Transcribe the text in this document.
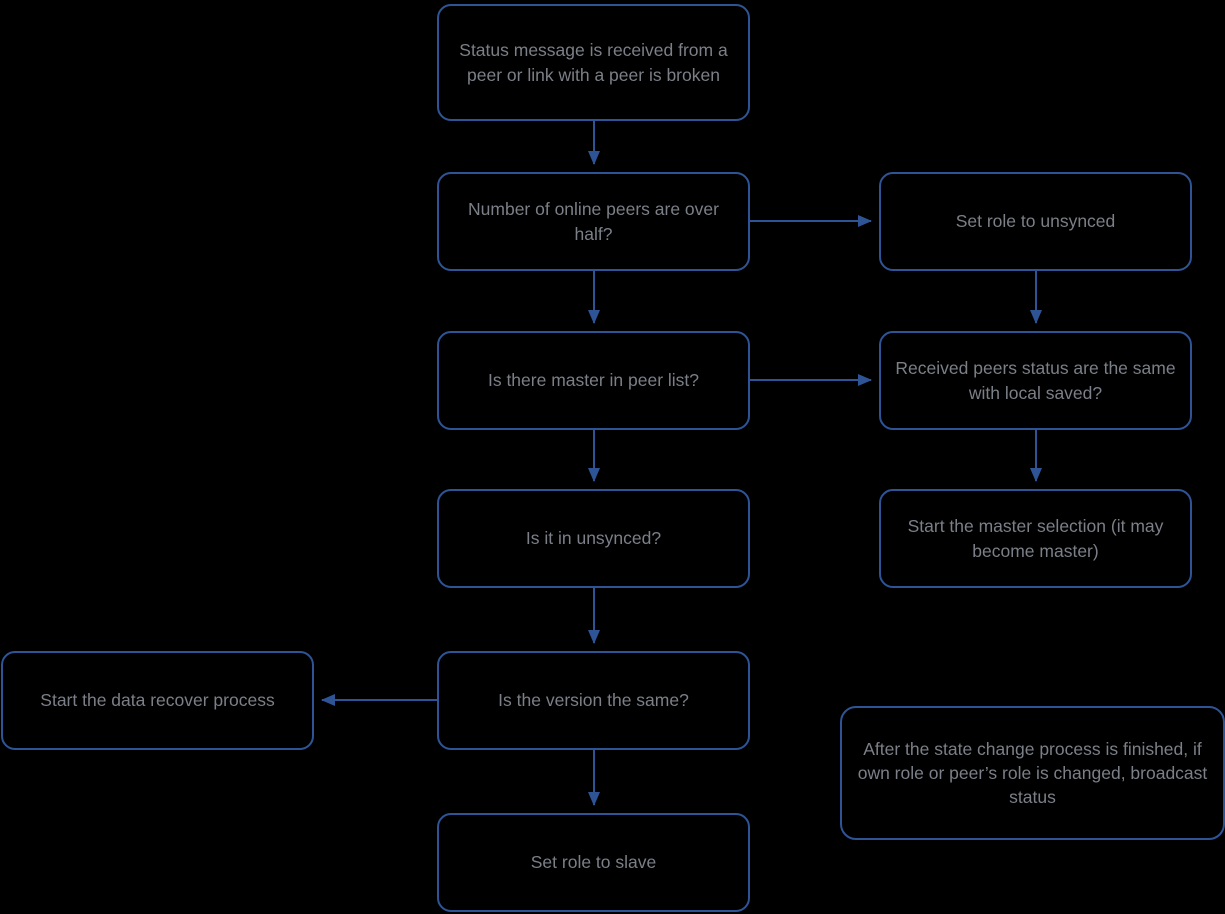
Status message is received from a peer or link with a peer is broken
Number of online peers are over half?
Set role to unsynced
Is there master in peer list?
Received peers status are the same with local saved?
Is it in unsynced?
Start the master selection (it may become master)
Is the version the same?
Start the data recover process
Set role to slave
After the state change process is finished, if own role or peer’s role is changed, broadcast status
